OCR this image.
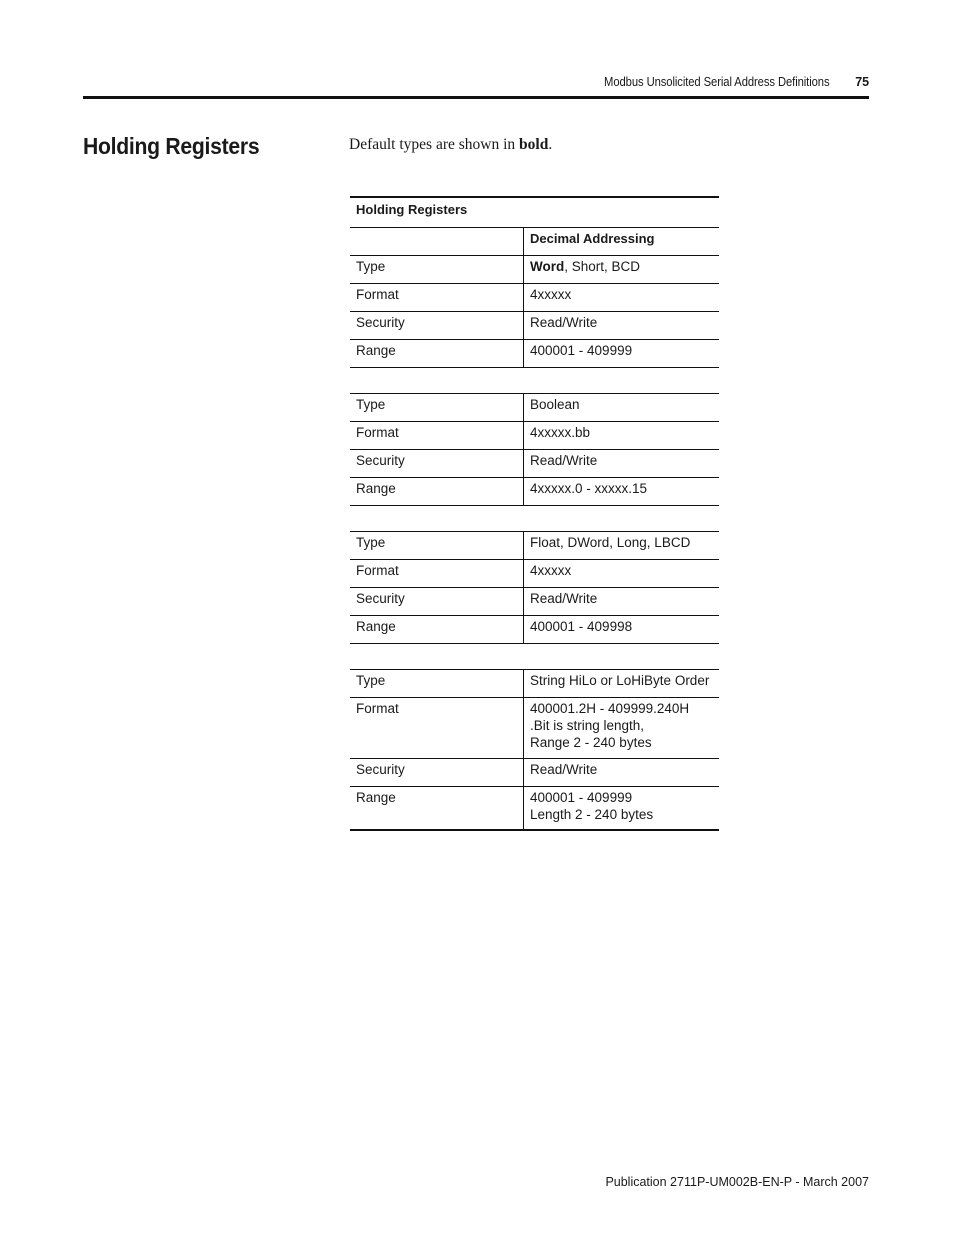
Modbus Unsolicited Serial Address Definitions 75
Holding Registers	Default types are shown in bold.

Holding Registers	
	Decimal Addressing
Type	Word, Short, BCD
Format	4xxxxx
Security	Read/Write
Range	400001 - 409999

Type	Boolean
Format	4xxxxx.bb
Security	Read/Write
Range	4xxxxx.0 - xxxxx.15

Type	Float, DWord, Long, LBCD
Format	4xxxxx
Security	Read/Write
Range	400001 - 409998

Type	String HiLo or LoHiByte Order
Format	400001.2H - 409999.240H
.Bit is string length,
Range 2 - 240 bytes
Security	Read/Write
Range	400001 - 409999
Length 2 - 240 bytes
Publication 2711P-UM002B-EN-P - March 2007
